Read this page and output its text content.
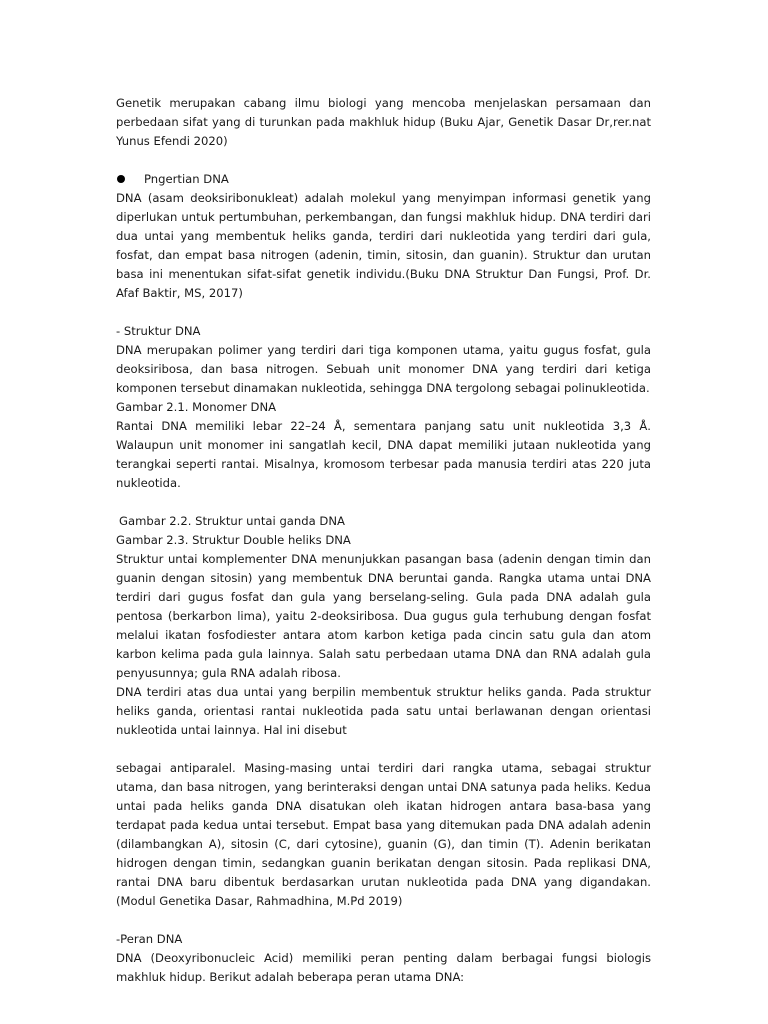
Genetik merupakan cabang ilmu biologi yang mencoba menjelaskan persamaan dan perbedaan sifat yang di turunkan pada makhluk hidup (Buku Ajar, Genetik Dasar Dr,rer.nat Yunus Efendi 2020)

Pngertian DNA

DNA (asam deoksiribonukleat) adalah molekul yang menyimpan informasi genetik yang diperlukan untuk pertumbuhan, perkembangan, dan fungsi makhluk hidup. DNA terdiri dari dua untai yang membentuk heliks ganda, terdiri dari nukleotida yang terdiri dari gula, fosfat, dan empat basa nitrogen (adenin, timin, sitosin, dan guanin). Struktur dan urutan basa ini menentukan sifat-sifat genetik individu.(Buku DNA Struktur Dan Fungsi, Prof. Dr. Afaf Baktir, MS, 2017)

- Struktur DNA

DNA merupakan polimer yang terdiri dari tiga komponen utama, yaitu gugus fosfat, gula deoksiribosa, dan basa nitrogen. Sebuah unit monomer DNA yang terdiri dari ketiga komponen tersebut dinamakan nukleotida, sehingga DNA tergolong sebagai polinukleotida.

Gambar 2.1. Monomer DNA

Rantai DNA memiliki lebar 22–24 Å, sementara panjang satu unit nukleotida 3,3 Å. Walaupun unit monomer ini sangatlah kecil, DNA dapat memiliki jutaan nukleotida yang terangkai seperti rantai. Misalnya, kromosom terbesar pada manusia terdiri atas 220 juta nukleotida.

Gambar 2.2. Struktur untai ganda DNA

Gambar 2.3. Struktur Double heliks DNA

Struktur untai komplementer DNA menunjukkan pasangan basa (adenin dengan timin dan guanin dengan sitosin) yang membentuk DNA beruntai ganda. Rangka utama untai DNA terdiri dari gugus fosfat dan gula yang berselang-seling. Gula pada DNA adalah gula pentosa (berkarbon lima), yaitu 2-deoksiribosa. Dua gugus gula terhubung dengan fosfat melalui ikatan fosfodiester antara atom karbon ketiga pada cincin satu gula dan atom karbon kelima pada gula lainnya. Salah satu perbedaan utama DNA dan RNA adalah gula penyusunnya; gula RNA adalah ribosa.

DNA terdiri atas dua untai yang berpilin membentuk struktur heliks ganda. Pada struktur heliks ganda, orientasi rantai nukleotida pada satu untai berlawanan dengan orientasi nukleotida untai lainnya. Hal ini disebut

sebagai antiparalel. Masing-masing untai terdiri dari rangka utama, sebagai struktur utama, dan basa nitrogen, yang berinteraksi dengan untai DNA satunya pada heliks. Kedua untai pada heliks ganda DNA disatukan oleh ikatan hidrogen antara basa-basa yang terdapat pada kedua untai tersebut. Empat basa yang ditemukan pada DNA adalah adenin (dilambangkan A), sitosin (C, dari cytosine), guanin (G), dan timin (T). Adenin berikatan hidrogen dengan timin, sedangkan guanin berikatan dengan sitosin. Pada replikasi DNA, rantai DNA baru dibentuk berdasarkan urutan nukleotida pada DNA yang digandakan.(Modul Genetika Dasar, Rahmadhina, M.Pd 2019)

-Peran DNA

DNA (Deoxyribonucleic Acid) memiliki peran penting dalam berbagai fungsi biologis makhluk hidup. Berikut adalah beberapa peran utama DNA:
